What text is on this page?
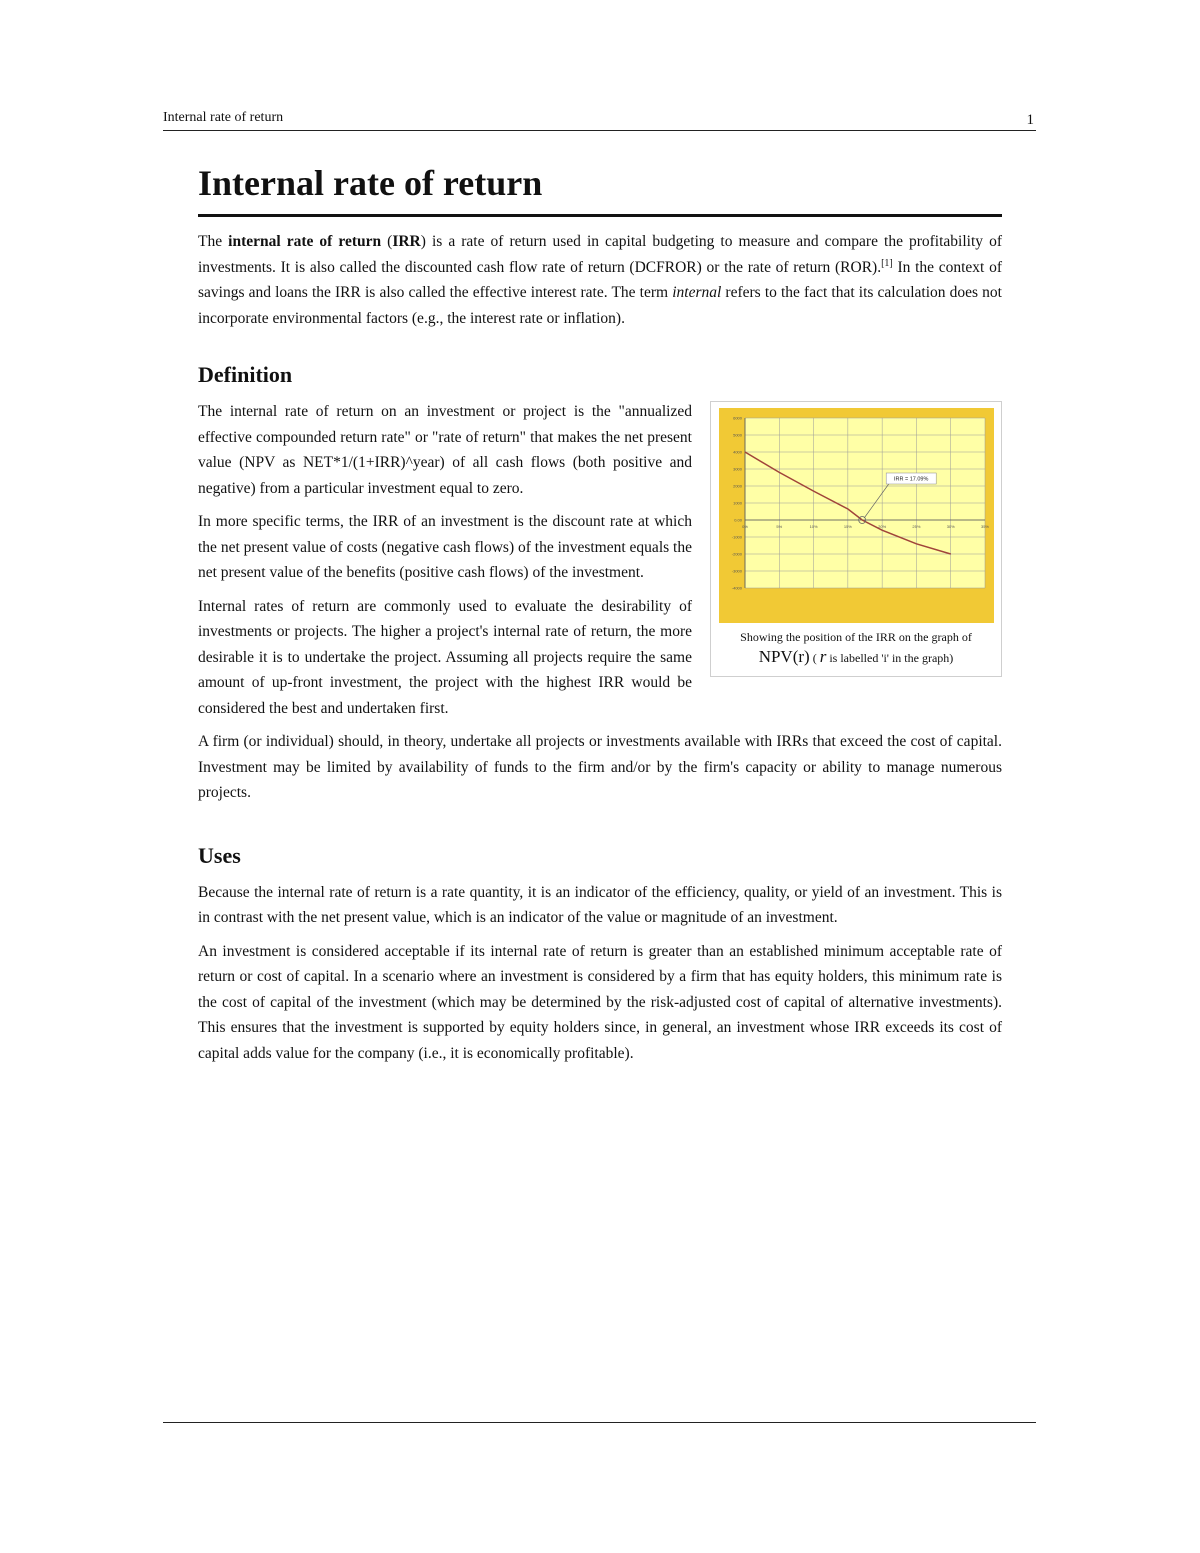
Internal rate of return	1
Internal rate of return

The internal rate of return (IRR) is a rate of return used in capital budgeting to measure and compare the profitability of investments. It is also called the discounted cash flow rate of return (DCFROR) or the rate of return (ROR).[1] In the context of savings and loans the IRR is also called the effective interest rate. The term internal refers to the fact that its calculation does not incorporate environmental factors (e.g., the interest rate or inflation).

Definition
6000
5000
4000
3000
2000
1000
0.00
-1000
-2000
-3000
-4000
0%	5%	10%	15%	20%	25%	30%	35%
IRR = 17.09%
Showing the position of the IRR on the graph of
NPV(r) ( r is labelled 'i' in the graph)

The internal rate of return on an investment or project is the "annualized effective compounded return rate" or "rate of return" that makes the net present value (NPV as NET*1/(1+IRR)^year) of all cash flows (both positive and negative) from a particular investment equal to zero.

In more specific terms, the IRR of an investment is the discount rate at which the net present value of costs (negative cash flows) of the investment equals the net present value of the benefits (positive cash flows) of the investment.

Internal rates of return are commonly used to evaluate the desirability of investments or projects. The higher a project's internal rate of return, the more desirable it is to undertake the project. Assuming all projects require the same amount of up-front investment, the project with the highest IRR would be considered the best and undertaken first.

A firm (or individual) should, in theory, undertake all projects or investments available with IRRs that exceed the cost of capital. Investment may be limited by availability of funds to the firm and/or by the firm's capacity or ability to manage numerous projects.

Uses

Because the internal rate of return is a rate quantity, it is an indicator of the efficiency, quality, or yield of an investment. This is in contrast with the net present value, which is an indicator of the value or magnitude of an investment.

An investment is considered acceptable if its internal rate of return is greater than an established minimum acceptable rate of return or cost of capital. In a scenario where an investment is considered by a firm that has equity holders, this minimum rate is the cost of capital of the investment (which may be determined by the risk-adjusted cost of capital of alternative investments). This ensures that the investment is supported by equity holders since, in general, an investment whose IRR exceeds its cost of capital adds value for the company (i.e., it is economically profitable).
